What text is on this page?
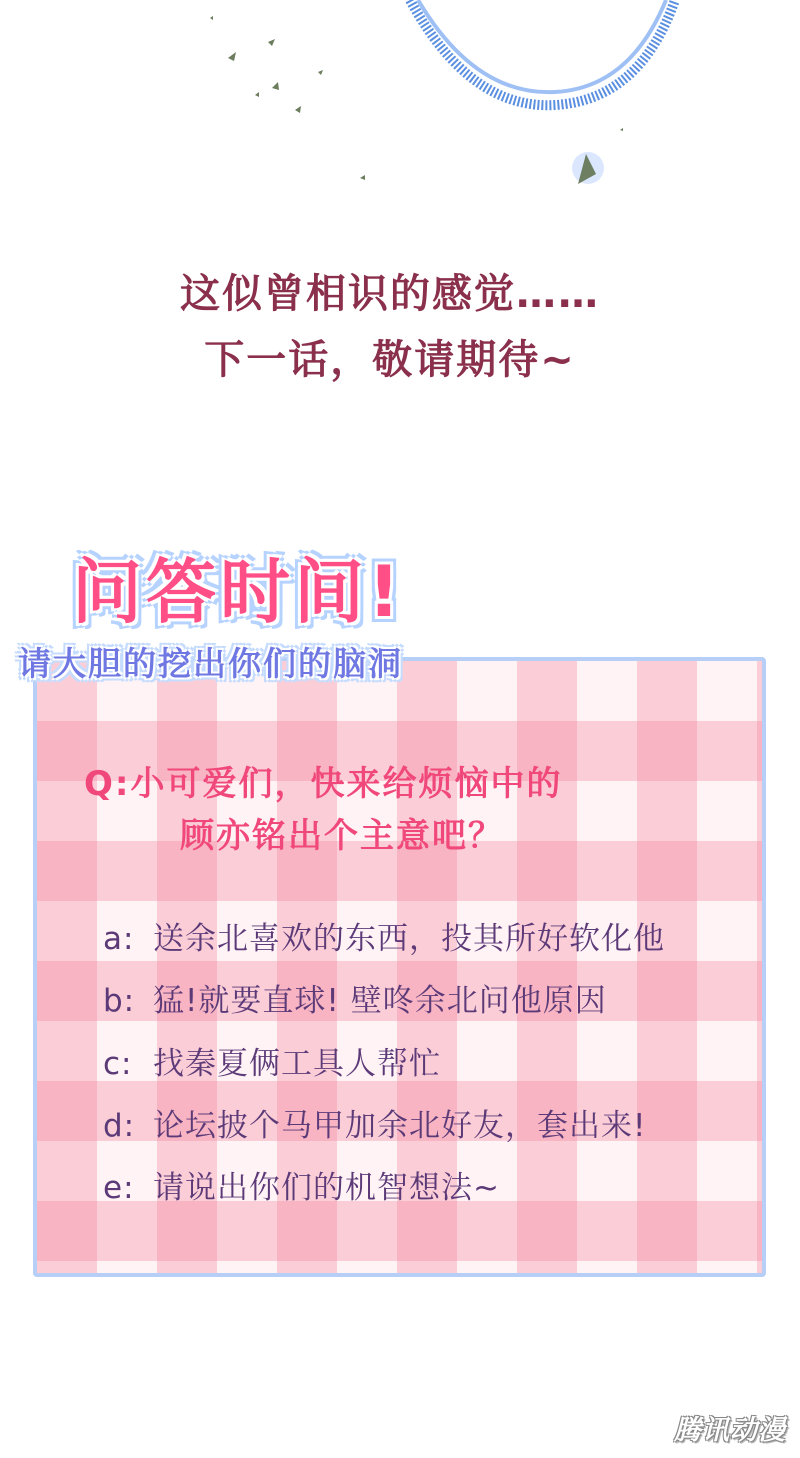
这似曾相识的感觉……
下一话，敬请期待~
问答时间!
请大胆的挖出你们的脑洞
Q:小可爱们，快来给烦恼中的
顾亦铭出个主意吧？
a: 送余北喜欢的东西，投其所好软化他
b: 猛!就要直球! 壁咚余北问他原因
c: 找秦夏俩工具人帮忙
d: 论坛披个马甲加余北好友，套出来!
e: 请说出你们的机智想法~
腾讯动漫
